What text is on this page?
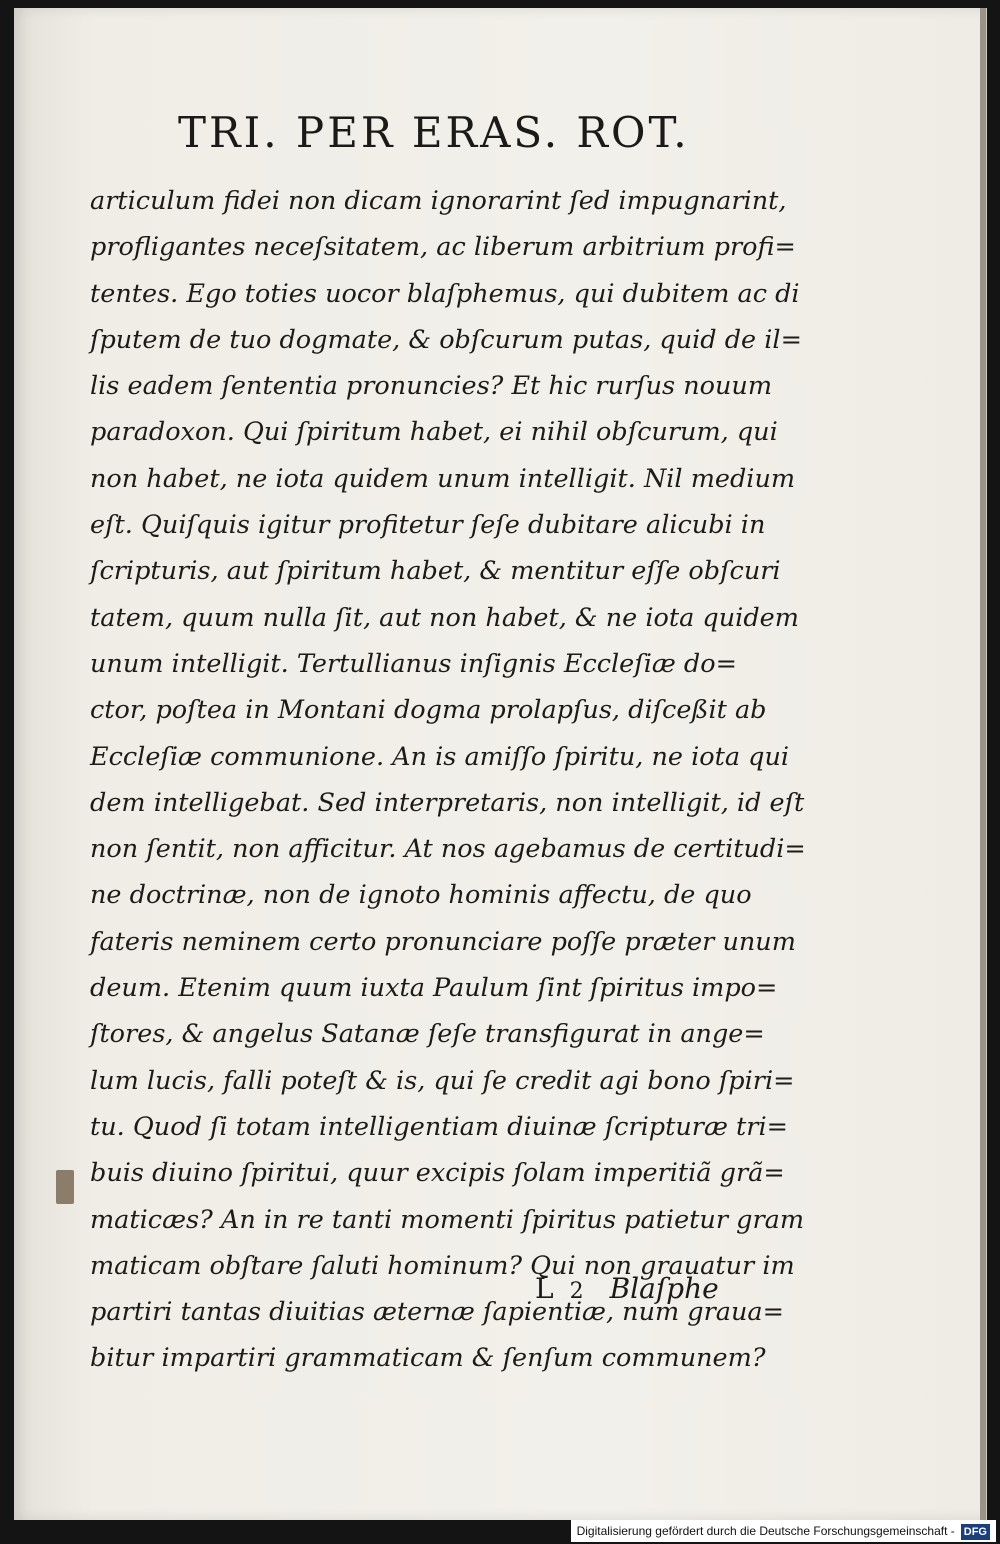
TRI. PER ERAS. ROT.
articulum fidei non dicam ignorarint ſed impugnarint,
profligantes neceſsitatem, ac liberum arbitrium profi=
tentes. Ego toties uocor blaſphemus, qui dubitem ac di
ſputem de tuo dogmate, & obſcurum putas, quid de il=
lis eadem ſententia pronuncies? Et hic rurſus nouum
paradoxon. Qui ſpiritum habet, ei nihil obſcurum, qui
non habet, ne iota quidem unum intelligit. Nil medium
eſt. Quiſquis igitur profitetur ſeſe dubitare alicubi in
ſcripturis, aut ſpiritum habet, & mentitur eſſe obſcuri
tatem, quum nulla ſit, aut non habet, & ne iota quidem
unum intelligit. Tertullianus inſignis Eccleſiæ do=
ctor, poſtea in Montani dogma prolapſus, diſceßit ab
Eccleſiæ communione. An is amiſſo ſpiritu, ne iota qui
dem intelligebat. Sed interpretaris, non intelligit, id eſt
non ſentit, non afficitur. At nos agebamus de certitudi=
ne doctrinæ, non de ignoto hominis affectu, de quo
fateris neminem certo pronunciare poſſe præter unum
deum. Etenim quum iuxta Paulum ſint ſpiritus impo=
ſtores, & angelus Satanæ ſeſe transfigurat in ange=
lum lucis, falli poteſt & is, qui ſe credit agi bono ſpiri=
tu. Quod ſi totam intelligentiam diuinæ ſcripturæ tri=
buis diuino ſpiritui, quur excipis ſolam imperitiã grã=
maticæs? An in re tanti momenti ſpiritus patietur gram
maticam obſtare ſaluti hominum? Qui non grauatur im
partiri tantas diuitias æternæ ſapientiæ, num graua=
bitur impartiri grammaticam & ſenſum communem?
L 2 Blaſphe
Digitalisierung gefördert durch die Deutsche Forschungsgemeinschaft - DFG
